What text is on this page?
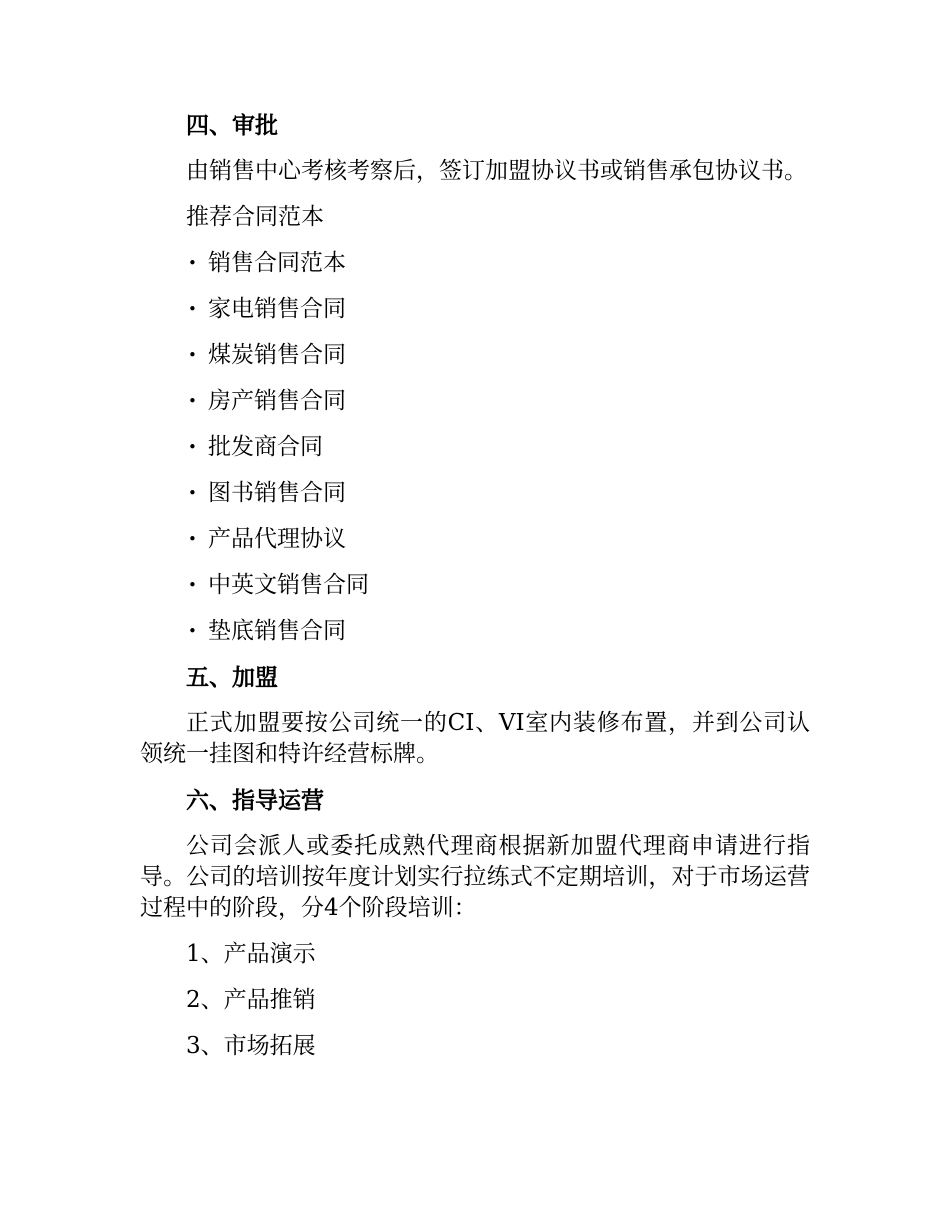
四、审批

由销售中心考核考察后，签订加盟协议书或销售承包协议书。

推荐合同范本

• 销售合同范本
• 家电销售合同
• 煤炭销售合同
• 房产销售合同
• 批发商合同
• 图书销售合同
• 产品代理协议
• 中英文销售合同
• 垫底销售合同
五、加盟

正式加盟要按公司统一的CI、VI室内装修布置，并到公司认领统一挂图和特许经营标牌。

六、指导运营

公司会派人或委托成熟代理商根据新加盟代理商申请进行指导。公司的培训按年度计划实行拉练式不定期培训，对于市场运营过程中的阶段，分4个阶段培训：

1、产品演示

2、产品推销

3、市场拓展
